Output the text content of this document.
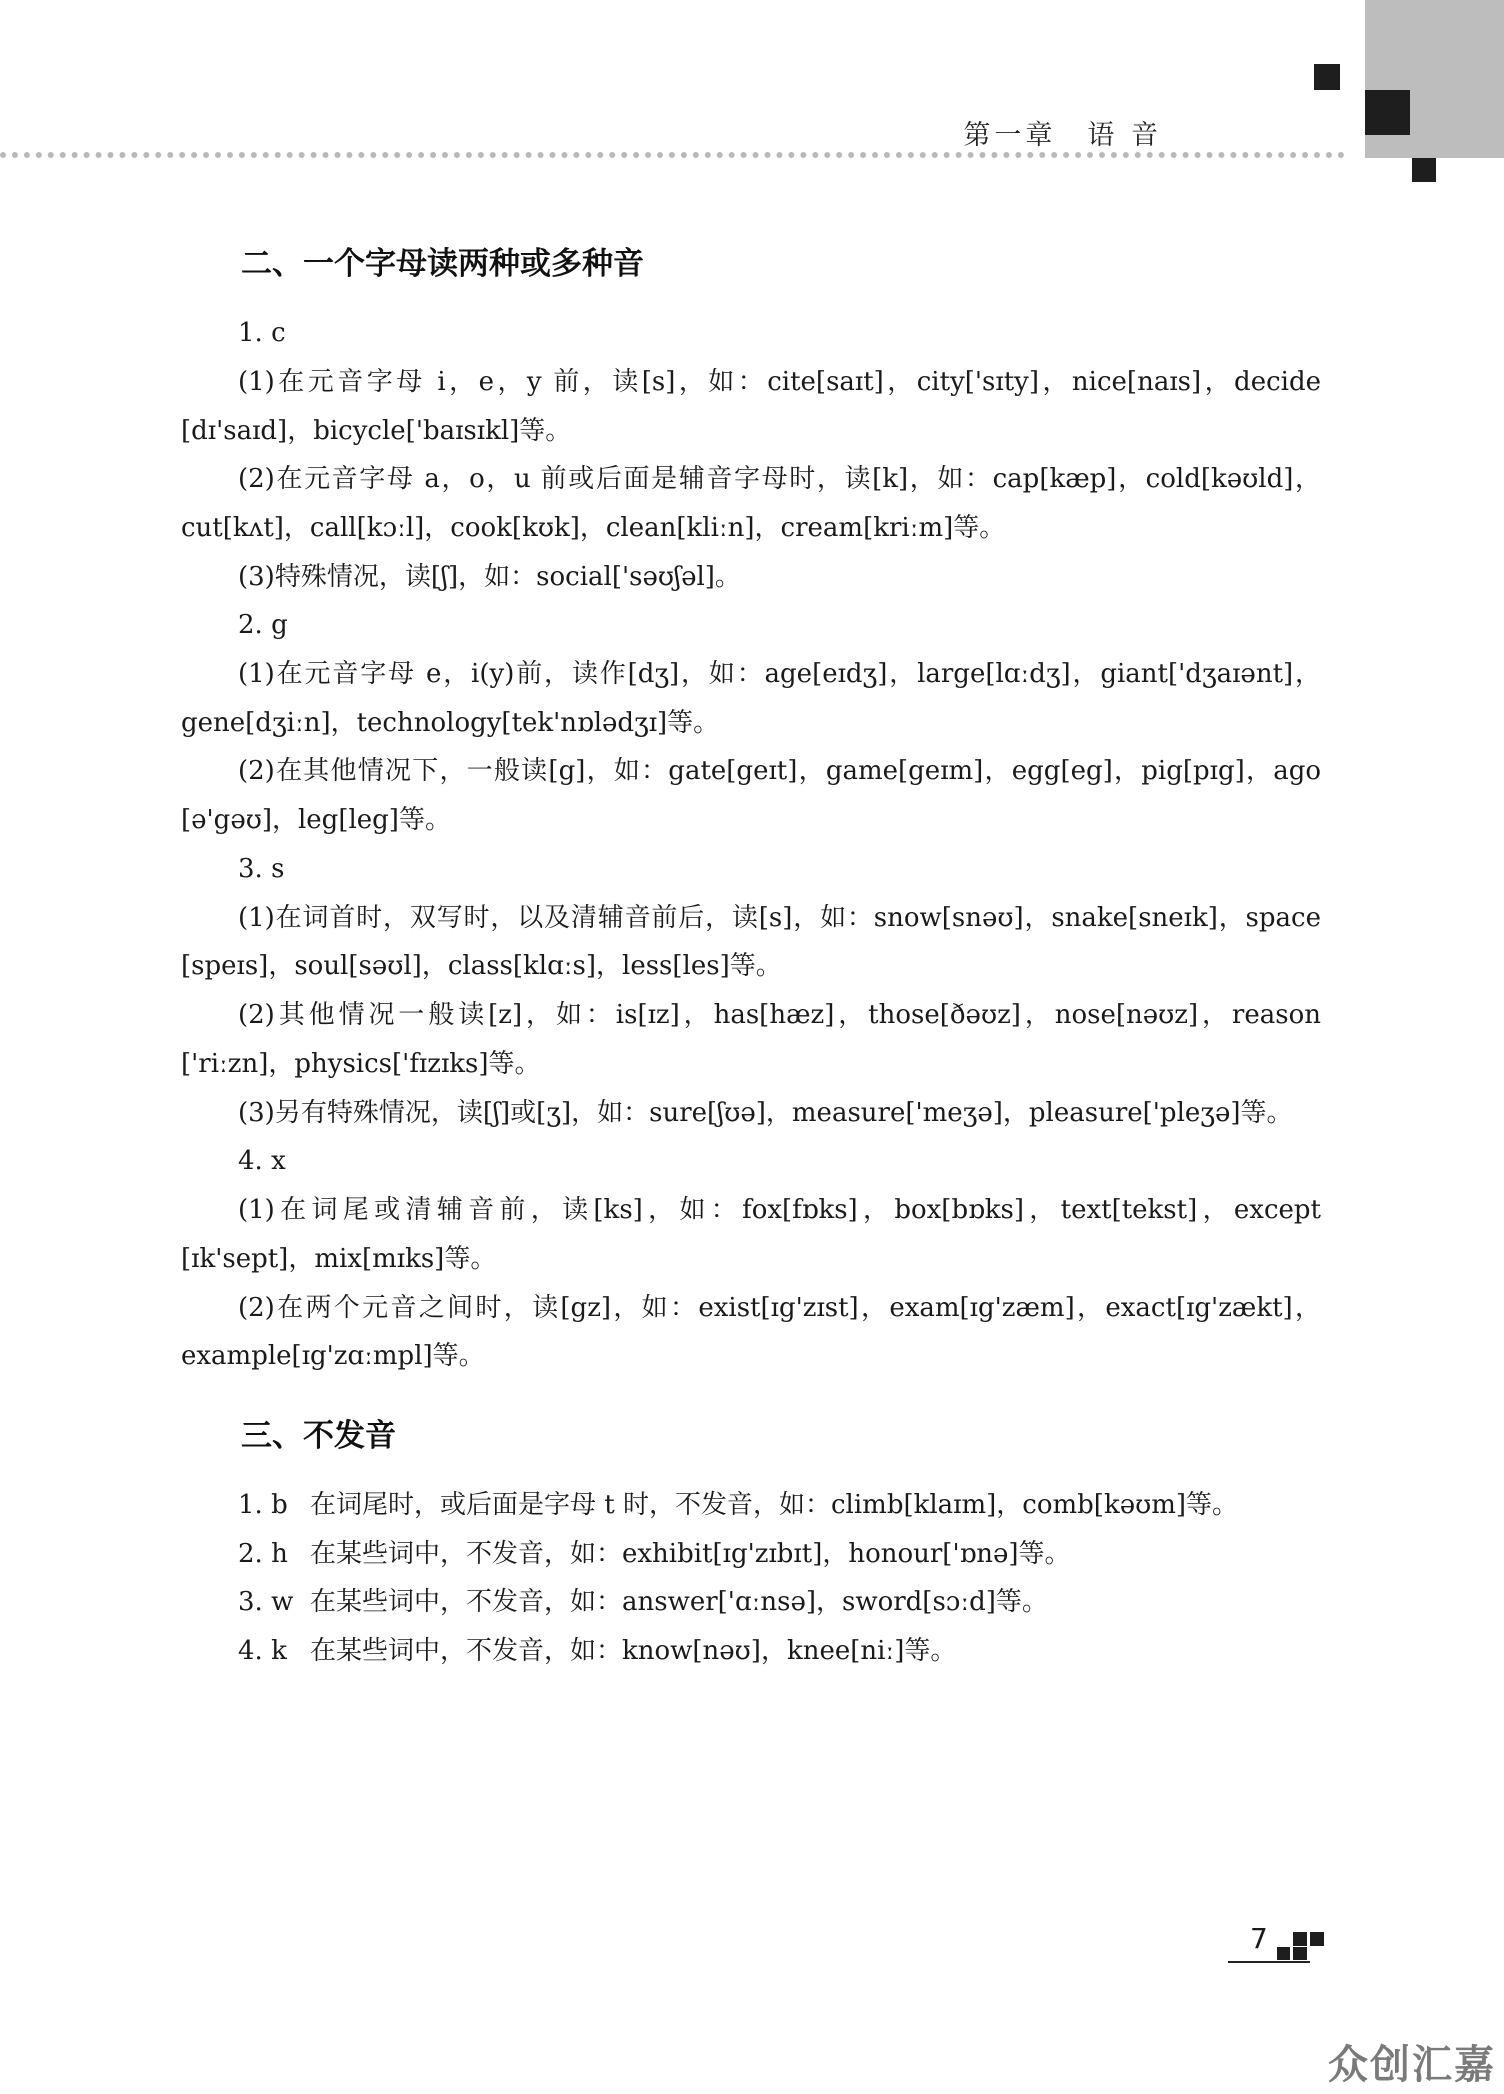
第一章　语 音
二、一个字母读两种或多种音
1. c
(1)在元音字母 i，e，y 前，读[s]，如：cite[saɪt]，city['sɪty]，nice[naɪs]，decide
[dɪ'saɪd]，bicycle['baɪsɪkl]等。
(2)在元音字母 a，o，u 前或后面是辅音字母时，读[k]，如：cap[kæp]，cold[kəʊld]，
cut[kʌt]，call[kɔːl]，cook[kʊk]，clean[kliːn]，cream[kriːm]等。
(3)特殊情况，读[ʃ]，如：social['səʊʃəl]。
2. g
(1)在元音字母 e，i(y)前，读作[dʒ]，如：age[eɪdʒ]，large[lɑːdʒ]，giant['dʒaɪənt]，
gene[dʒiːn]，technology[tek'nɒlədʒɪ]等。
(2)在其他情况下，一般读[g]，如：gate[geɪt]，game[geɪm]，egg[eg]，pig[pɪg]，ago
[ə'gəʊ]，leg[leg]等。
3. s
(1)在词首时，双写时，以及清辅音前后，读[s]，如：snow[snəʊ]，snake[sneɪk]，space
[speɪs]，soul[səʊl]，class[klɑːs]，less[les]等。
(2)其他情况一般读[z]，如：is[ɪz]，has[hæz]，those[ðəʊz]，nose[nəʊz]，reason
['riːzn]，physics['fɪzɪks]等。
(3)另有特殊情况，读[ʃ]或[ʒ]，如：sure[ʃʊə]，measure['meʒə]，pleasure['pleʒə]等。
4. x
(1)在词尾或清辅音前，读[ks]，如：fox[fɒks]，box[bɒks]，text[tekst]，except
[ɪk'sept]，mix[mɪks]等。
(2)在两个元音之间时，读[gz]，如：exist[ɪg'zɪst]，exam[ɪg'zæm]，exact[ɪg'zækt]，
example[ɪg'zɑːmpl]等。
三、不发音
1. b 在词尾时，或后面是字母 t 时，不发音，如：climb[klaɪm]，comb[kəʊm]等。
2. h 在某些词中，不发音，如：exhibit[ɪg'zɪbɪt]，honour['ɒnə]等。
3. w 在某些词中，不发音，如：answer['ɑːnsə]，sword[sɔːd]等。
4. k 在某些词中，不发音，如：know[nəʊ]，knee[niː]等。
7
众创汇嘉
